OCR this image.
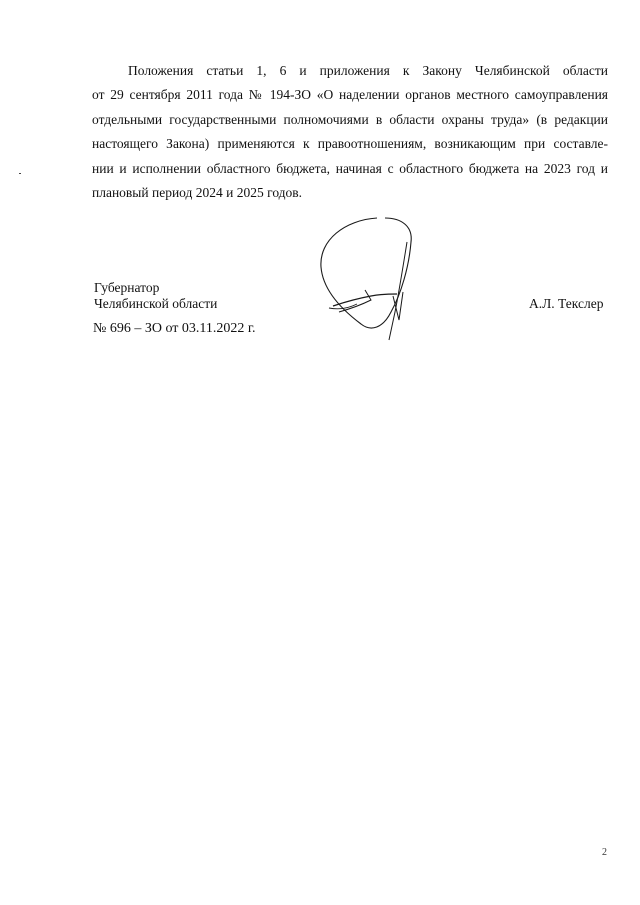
Положения статьи 1, 6 и приложения к Закону Челябинской области
от 29 сентября 2011 года № 194-ЗО «О наделении органов местного самоуправления
отдельными государственными полномочиями в области охраны труда» (в редакции
настоящего Закона) применяются к правоотношениям, возникающим при составле-
нии и исполнении областного бюджета, начиная с областного бюджета на 2023 год и
плановый период 2024 и 2025 годов.
Губернатор
Челябинской области	А.Л. Текслер
№ 696 – ЗО от 03.11.2022 г.
2
